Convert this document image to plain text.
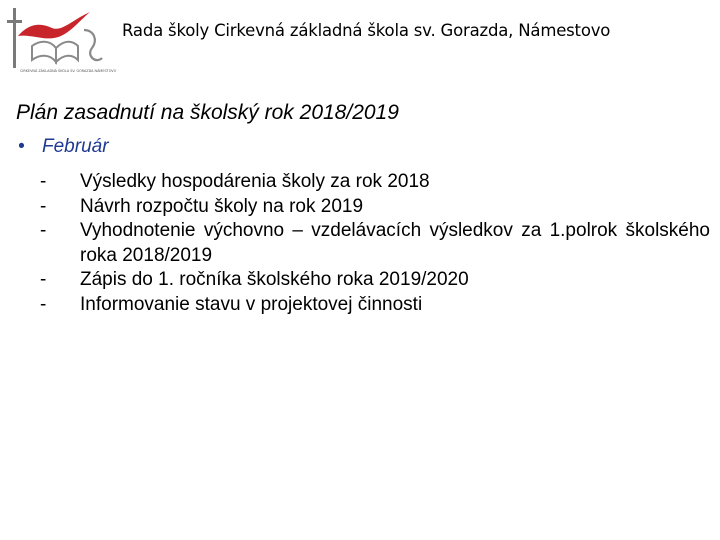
CIRKEVNÁ ZÁKLADNÁ ŠKOLA SV. GORAZDA NÁMESTOVO
Rada školy Cirkevná základná škola sv. Gorazda, Námestovo
Plán zasadnutí na školský rok 2018/2019
• Február
-	Výsledky hospodárenia školy za rok 2018
-	Návrh rozpočtu školy na rok 2019
-	Vyhodnotenie výchovno – vzdelávacích výsledkov za 1.polrok školského roka 2018/2019
-	Zápis do 1. ročníka školského roka 2019/2020
-	Informovanie stavu v projektovej činnosti
